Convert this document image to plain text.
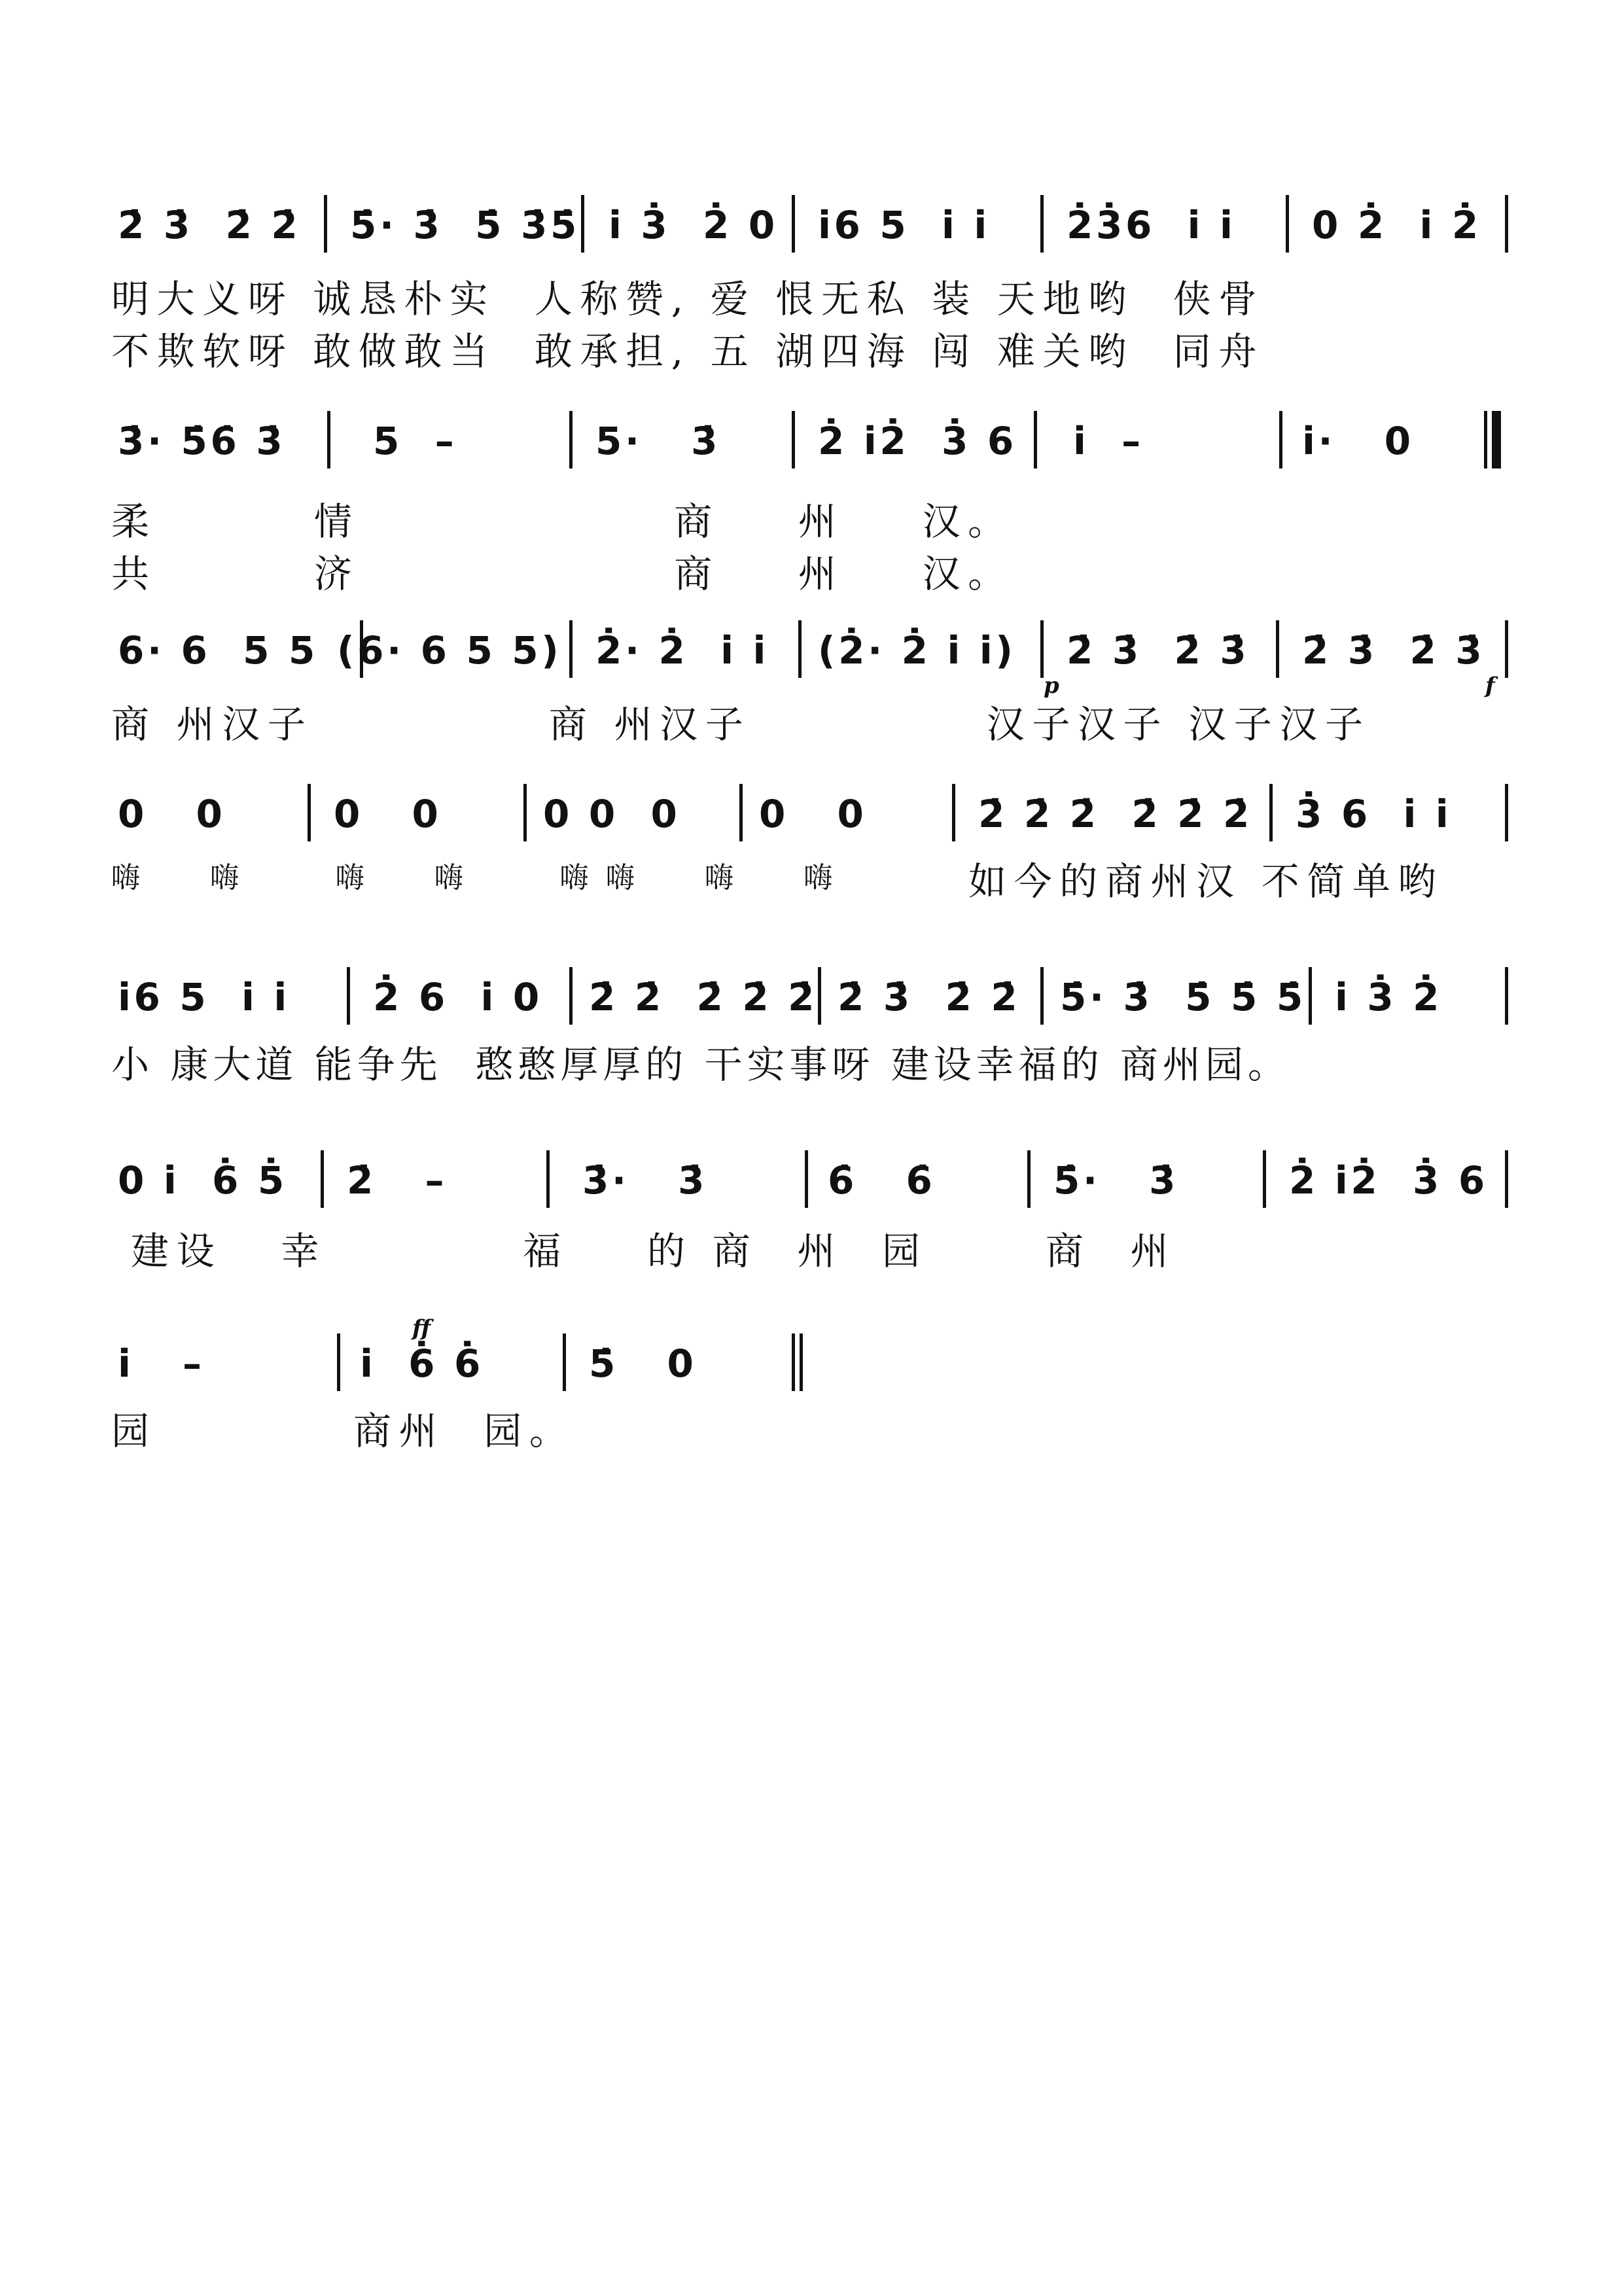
2̇ 3̇  2̇ 2̇ 5̇· 3̇  5̇ 3̇5̇ i̇ 3̇  2̇ 0 i̇6 5  i̇ i̇ 2̇3̇6  i̇ i̇ 0 2̇  i̇ 2̇
明大义呀 诚恳朴实  人称赞, 爱 恨无私 装 天地哟  侠骨
不欺软呀 敢做敢当  敢承担, 五 湖四海 闯 难关哟  同舟
3̇· 5̇6̇ 3̇ 5  –	5·   3̇	2̇ i̇2̇  3̇ 6 i̇  –	i̇·   0
柔        情                商    州    汉。
共        济                商    州    汉。
6· 6  5 5 (6· 6 5 5) 2̇· 2̇  i̇ i̇ (2̇· 2̇ i̇ i̇) 2̇ 3̇  2̇ 3̇ 2̇ 3̇  2̇ 3̇
p	f
商 州汉子            商 州汉子            汉子汉子 汉子汉子
0   0	0   0	0 0  0 0   0	2̇ 2̇ 2̇  2̇ 2̇ 2̇ 3̇ 6  i̇ i̇
嗨  嗨   嗨  嗨   嗨嗨  嗨  嗨	如今的商州汉 不简单哟
i̇6 5  i̇ i̇ 2̇ 6  i̇ 0 2̇ 2̇  2̇ 2̇ 2̇ 2̇ 3̇  2̇ 2̇ 5̇· 3̇  5̇ 5̇ 5̇ i̇ 3̇ 2̇
小 康大道 能争先  憨憨厚厚的 干实事呀 建设幸福的 商州园。
0 i̇  6̇ 5̇ 2̇   –	3̇·   3̇	6̇   6̇	5̇·   3̇	2̇ i̇2̇  3̇ 6
建设   幸          福    的 商  州  园      商  州
i̇   –	i̇  6̇ 6̇	5̇   0
ff
园          商州  园。
